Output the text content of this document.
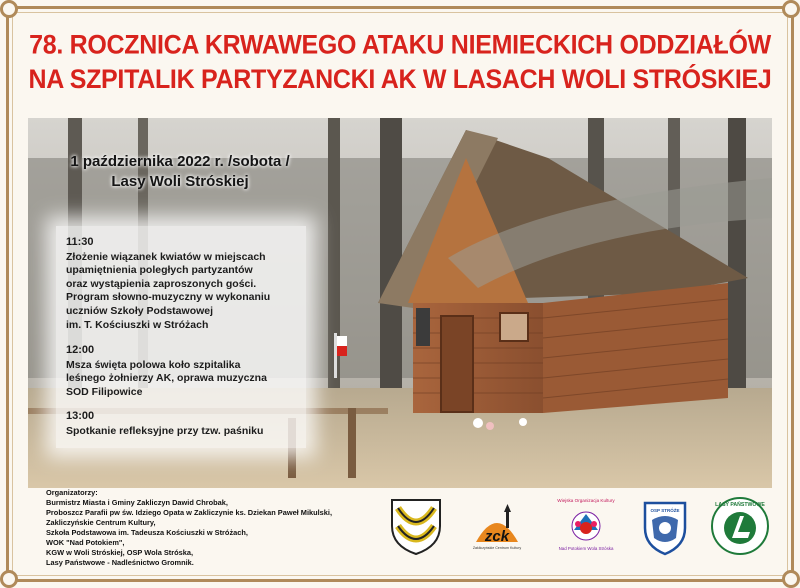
78. ROCZNICA KRWAWEGO ATAKU NIEMIECKICH ODDZIAŁÓW
NA SZPITALIK PARTYZANCKI AK W LASACH WOLI STRÓSKIEJ
1 października 2022 r. /sobota /
Lasy Woli Stróskiej
11:30
Złożenie wiązanek kwiatów w miejscach
upamiętnienia poległych partyzantów
oraz wystąpienia zaproszonych gości.
Program słowno-muzyczny w wykonaniu
uczniów Szkoły Podstawowej
im. T. Kościuszki w Stróżach
12:00
Msza święta polowa koło szpitalika
leśnego żołnierzy AK, oprawa muzyczna
SOD Filipowice
13:00
Spotkanie refleksyjne przy tzw. paśniku
Organizatorzy:
Burmistrz Miasta i Gminy Zakliczyn Dawid Chrobak,
Proboszcz Parafii pw św. Idziego Opata w Zakliczynie ks. Dziekan Paweł Mikulski,
Zakliczyńskie Centrum Kultury,
Szkoła Podstawowa im. Tadeusza Kościuszki w Stróżach,
WOK "Nad Potokiem",
KGW w Woli Stróskiej, OSP Wola Stróska,
Lasy Państwowe - Nadleśnictwo Gromnik.
zck
Zakliczyńskie Centrum Kultury
Wiejska Organizacja Kultury
Nad Potokiem Wola Stróska
OSP STRÓŻE
LASY PAŃSTWOWE
